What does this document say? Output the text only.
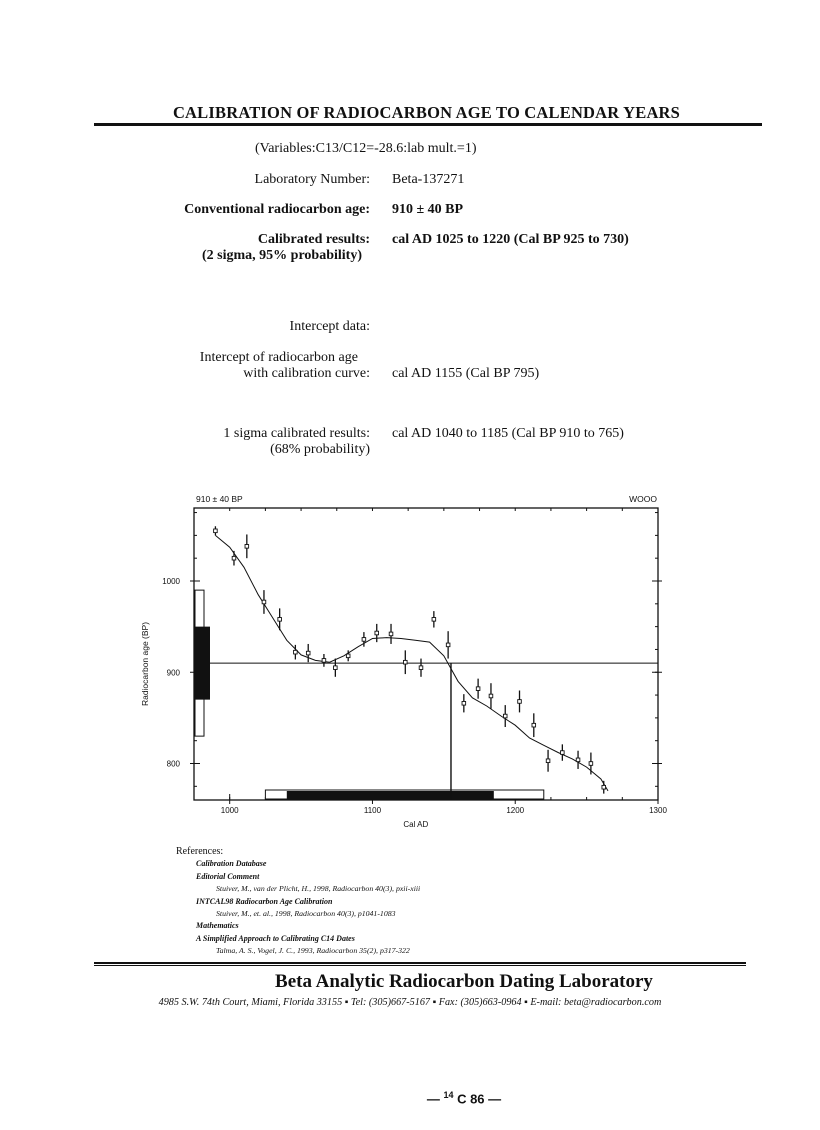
CALIBRATION OF RADIOCARBON AGE TO CALENDAR YEARS
(Variables:C13/C12=-28.6:lab mult.=1)
Laboratory Number: Beta-137271
Conventional radiocarbon age: 910 ± 40 BP
Calibrated results:
(2 sigma, 95% probability)
cal AD 1025 to 1220 (Cal BP 925 to 730)
Intercept data:
Intercept of radiocarbon age
with calibration curve: cal AD 1155 (Cal BP 795)
1 sigma calibrated results:
(68% probability)
cal AD 1040 to 1185 (Cal BP 910 to 765)
910 ± 40 BP	WOOO
800
900
1000
1000	1100	1200	1300
Cal AD
Radiocarbon age (BP)
References:
Calibration Database
Editorial Comment
Stuiver, M., van der Plicht, H., 1998, Radiocarbon 40(3), pxii-xiii
INTCAL98 Radiocarbon Age Calibration
Stuiver, M., et. al., 1998, Radiocarbon 40(3), p1041-1083
Mathematics
A Simplified Approach to Calibrating C14 Dates
Talma, A. S., Vogel, J. C., 1993, Radiocarbon 35(2), p317-322
Beta Analytic Radiocarbon Dating Laboratory
4985 S.W. 74th Court, Miami, Florida 33155 ▪ Tel: (305)667-5167 ▪ Fax: (305)663-0964 ▪ E-mail: beta@radiocarbon.com
— $^{14}$ C 86 —
